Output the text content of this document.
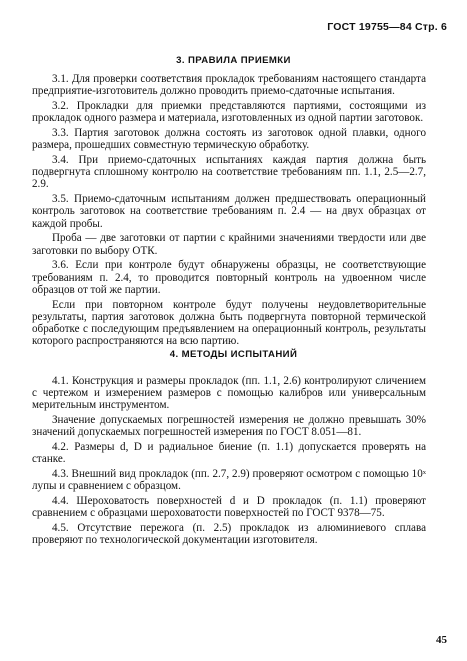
ГОСТ 19755—84 Стр. 6
3. ПРАВИЛА ПРИЕМКИ

3.1. Для проверки соответствия прокладок требованиям настоящего стандарта предприятие-изготовитель должно проводить приемо-сдаточные испытания.

3.2. Прокладки для приемки представляются партиями, состоящими из прокладок одного размера и материала, изготовленных из одной партии заготовок.

3.3. Партия заготовок должна состоять из заготовок одной плавки, одного размера, прошедших совместную термическую обработку.

3.4. При приемо-сдаточных испытаниях каждая партия должна быть подвергнута сплошному контролю на соответствие требованиям пп. 1.1, 2.5—2.7, 2.9.

3.5. Приемо-сдаточным испытаниям должен предшествовать операционный контроль заготовок на соответствие требованиям п. 2.4 — на двух образцах от каждой пробы.

Проба — две заготовки от партии с крайними значениями твердости или две заготовки по выбору ОТК.

3.6. Если при контроле будут обнаружены образцы, не соответствующие требованиям п. 2.4, то проводится повторный контроль на удвоенном числе образцов от той же партии.

Если при повторном контроле будут получены неудовлетворительные результаты, партия заготовок должна быть подвергнута повторной термической обработке с последующим предъявлением на операционный контроль, результаты которого распространяются на всю партию.

4. МЕТОДЫ ИСПЫТАНИЙ

4.1. Конструкция и размеры прокладок (пп. 1.1, 2.6) контролируют сличением с чертежом и измерением размеров с помощью калибров или универсальным мерительным инструментом.

Значение допускаемых погрешностей измерения не должно превышать 30% значений допускаемых погрешностей измерения по ГОСТ 8.051—81.

4.2. Размеры d, D и радиальное биение (п. 1.1) допускается проверять на станке.

4.3. Внешний вид прокладок (пп. 2.7, 2.9) проверяют осмотром с помощью 10ˣ лупы и сравнением с образцом.

4.4. Шероховатость поверхностей d и D прокладок (п. 1.1) проверяют сравнением с образцами шероховатости поверхностей по ГОСТ 9378—75.

4.5. Отсутствие пережога (п. 2.5) прокладок из алюминиевого сплава проверяют по технологической документации изготовителя.

45
